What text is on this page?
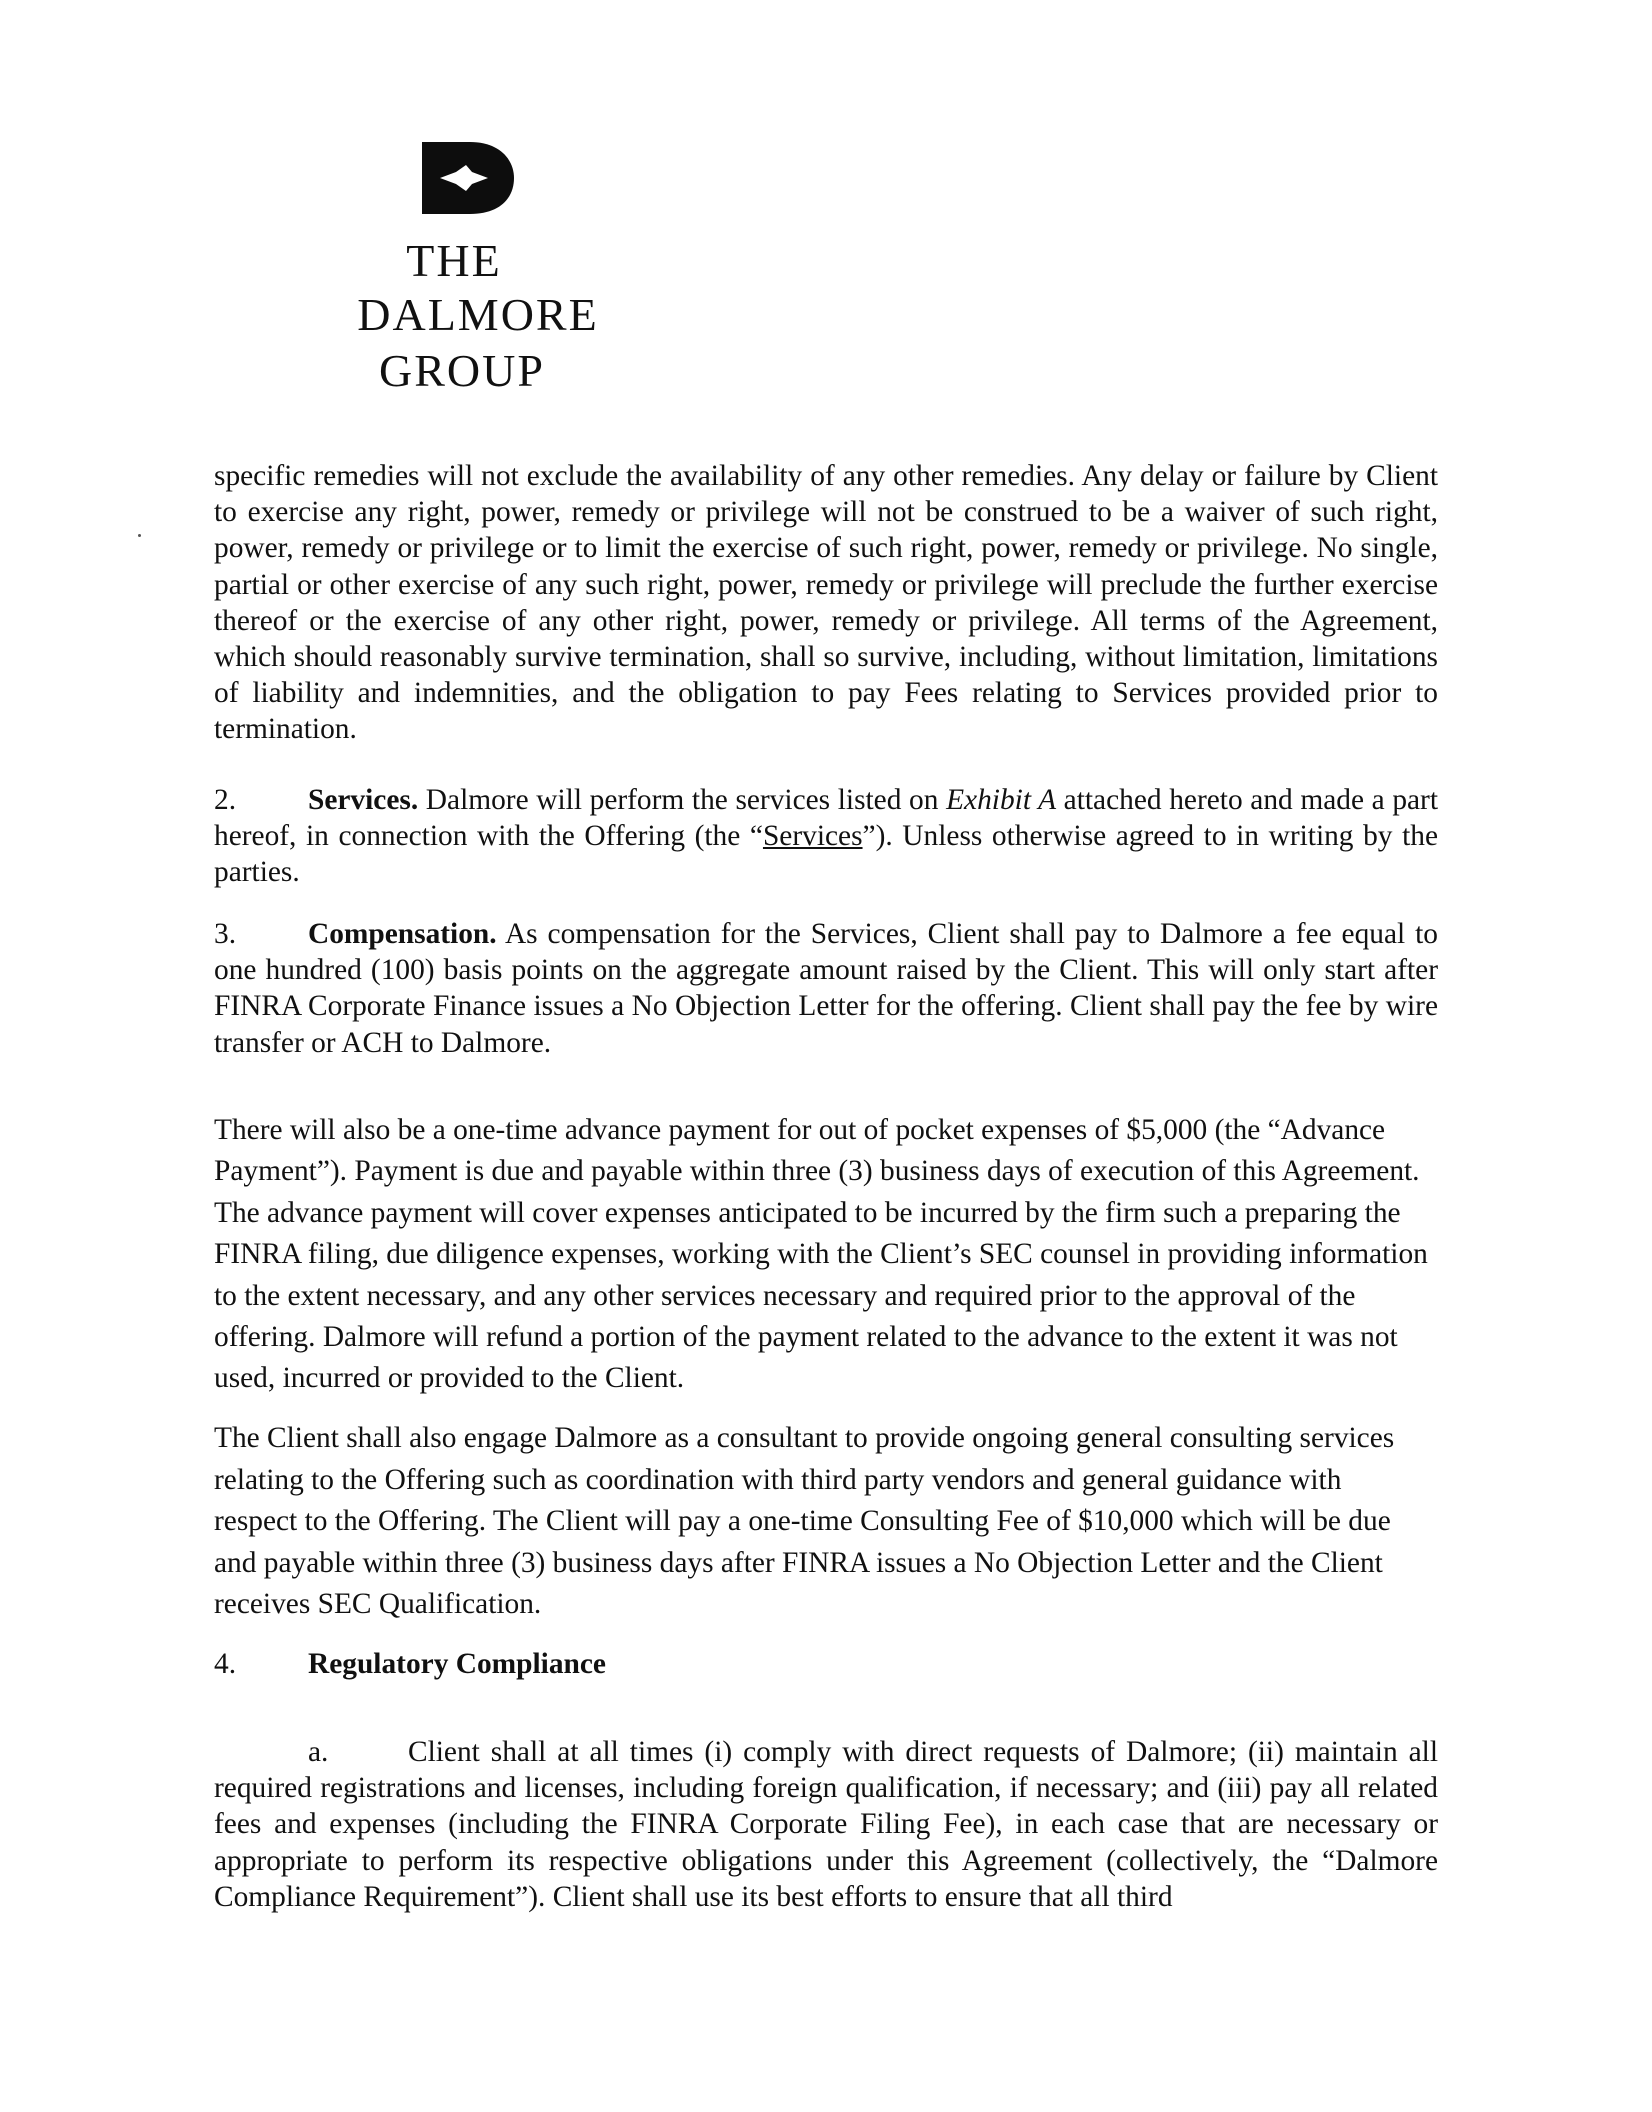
THE
DALMORE
GROUP

specific remedies will not exclude the availability of any other remedies. Any delay or failure by Client to exercise any right, power, remedy or privilege will not be construed to be a waiver of such right, power, remedy or privilege or to limit the exercise of such right, power, remedy or privilege. No single, partial or other exercise of any such right, power, remedy or privilege will preclude the further exercise thereof or the exercise of any other right, power, remedy or privilege. All terms of the Agreement, which should reasonably survive termination, shall so survive, including, without limitation, limitations of liability and indemnities, and the obligation to pay Fees relating to Services provided prior to termination.

2. Services. Dalmore will perform the services listed on Exhibit A attached hereto and made a part hereof, in connection with the Offering (the “Services”). Unless otherwise agreed to in writing by the parties.

3. Compensation. As compensation for the Services, Client shall pay to Dalmore a fee equal to one hundred (100) basis points on the aggregate amount raised by the Client. This will only start after FINRA Corporate Finance issues a No Objection Letter for the offering. Client shall pay the fee by wire transfer or ACH to Dalmore.

There will also be a one-time advance payment for out of pocket expenses of $5,000 (the “Advance Payment”). Payment is due and payable within three (3) business days of execution of this Agreement. The advance payment will cover expenses anticipated to be incurred by the firm such a preparing the FINRA filing, due diligence expenses, working with the Client’s SEC counsel in providing information to the extent necessary, and any other services necessary and required prior to the approval of the offering. Dalmore will refund a portion of the payment related to the advance to the extent it was not used, incurred or provided to the Client.

The Client shall also engage Dalmore as a consultant to provide ongoing general consulting services relating to the Offering such as coordination with third party vendors and general guidance with respect to the Offering. The Client will pay a one-time Consulting Fee of $10,000 which will be due and payable within three (3) business days after FINRA issues a No Objection Letter and the Client receives SEC Qualification.

4. Regulatory Compliance

a.	Client shall at all times (i) comply with direct requests of Dalmore; (ii) maintain all required registrations and licenses, including foreign qualification, if necessary; and (iii) pay all related fees and expenses (including the FINRA Corporate Filing Fee), in each case that are necessary or appropriate to perform its respective obligations under this Agreement (collectively, the “Dalmore Compliance Requirement”). Client shall use its best efforts to ensure that all third
